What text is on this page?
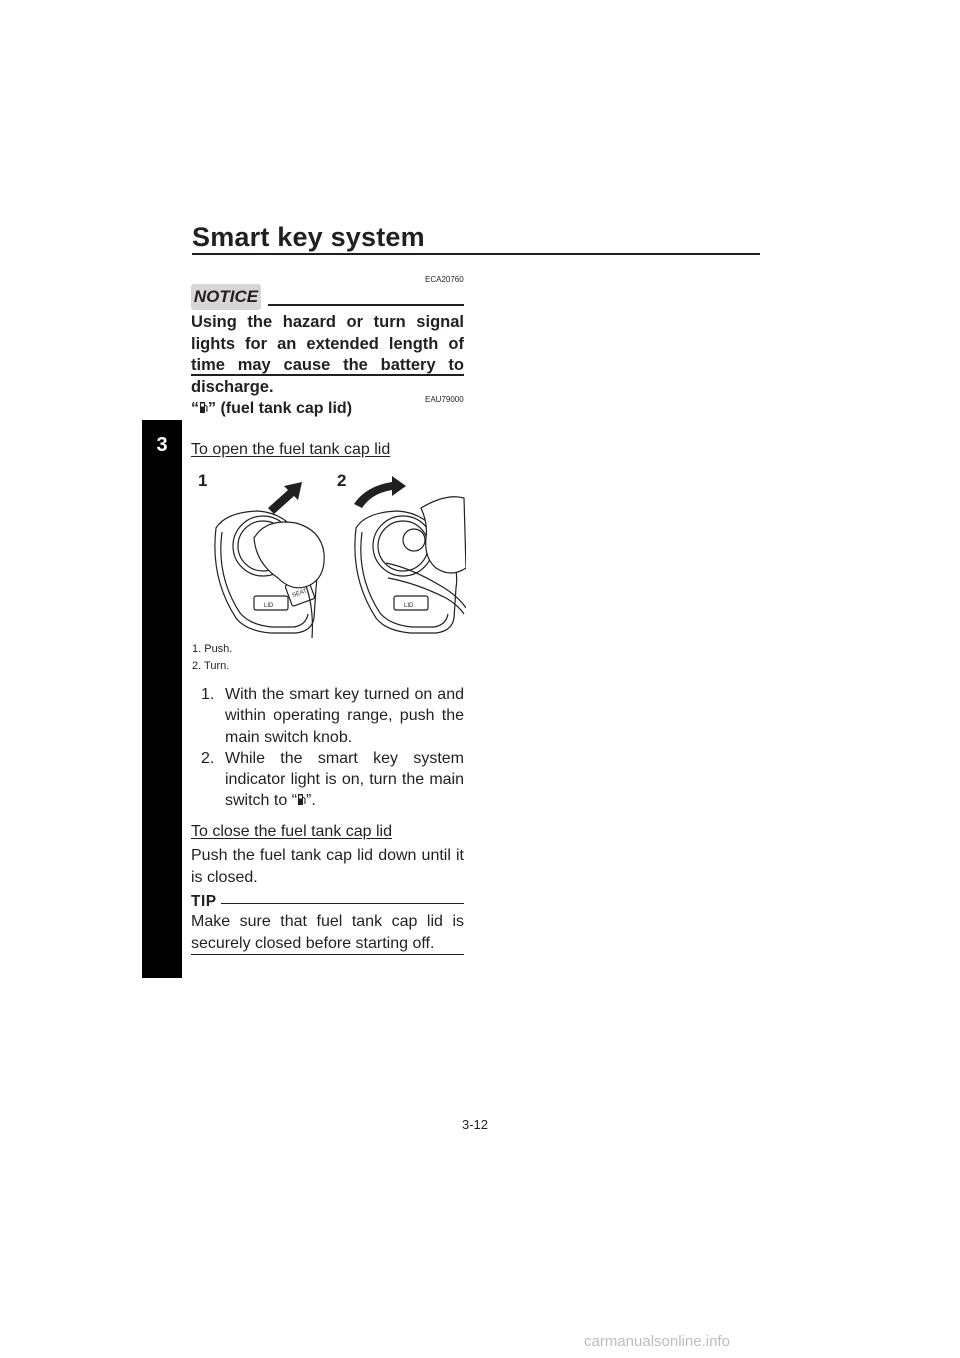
Smart key system
3
ECA20760
NOTICE
Using the hazard or turn signal lights for an extended length of time may cause the battery to discharge.
EAU79000
“ ” (fuel tank cap lid)
To open the fuel tank cap lid
1
LID
SEAT
2
LID
1. Push.
2. Turn.
1. With the smart key turned on and within operating range, push the main switch knob.
2. While the smart key system indicator light is on, turn the main switch to “ ”.
To close the fuel tank cap lid
Push the fuel tank cap lid down until it is closed.
TIP
Make sure that fuel tank cap lid is securely closed before starting off.
3-12
carmanualsonline.info
